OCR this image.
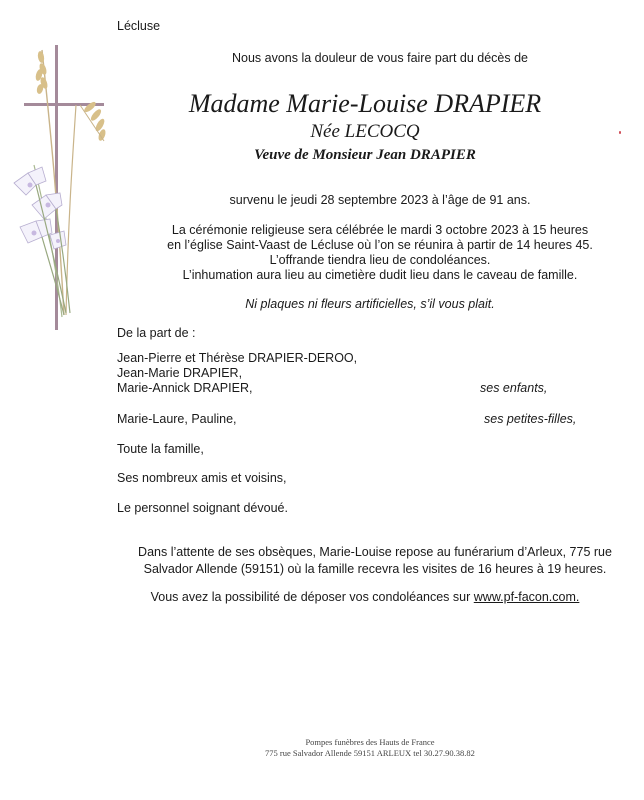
Lécluse
Nous avons la douleur de vous faire part du décès de
Madame Marie-Louise DRAPIER
Née LECOCQ
Veuve de Monsieur Jean DRAPIER
survenu le jeudi 28 septembre 2023 à l’âge de 91 ans.
La cérémonie religieuse sera célébrée le mardi 3 octobre 2023 à 15 heures
en l’église Saint-Vaast de Lécluse où l’on se réunira à partir de 14 heures 45.
L’offrande tiendra lieu de condoléances.
L’inhumation aura lieu au cimetière dudit lieu dans le caveau de famille.
Ni plaques ni fleurs artificielles, s’il vous plait.
De la part de :
Jean-Pierre et Thérèse DRAPIER-DEROO,
Jean-Marie DRAPIER,
Marie-Annick DRAPIER,	ses enfants,
Marie-Laure, Pauline,	ses petites-filles,
Toute la famille,
Ses nombreux amis et voisins,
Le personnel soignant dévoué.
Dans l’attente de ses obsèques, Marie-Louise repose au funérarium d’Arleux, 775 rue
Salvador Allende (59151) où la famille recevra les visites de 16 heures à 19 heures.
Vous avez la possibilité de déposer vos condoléances sur www.pf-facon.com.
Pompes funèbres des Hauts de France
775 rue Salvador Allende 59151 ARLEUX tel 30.27.90.38.82
